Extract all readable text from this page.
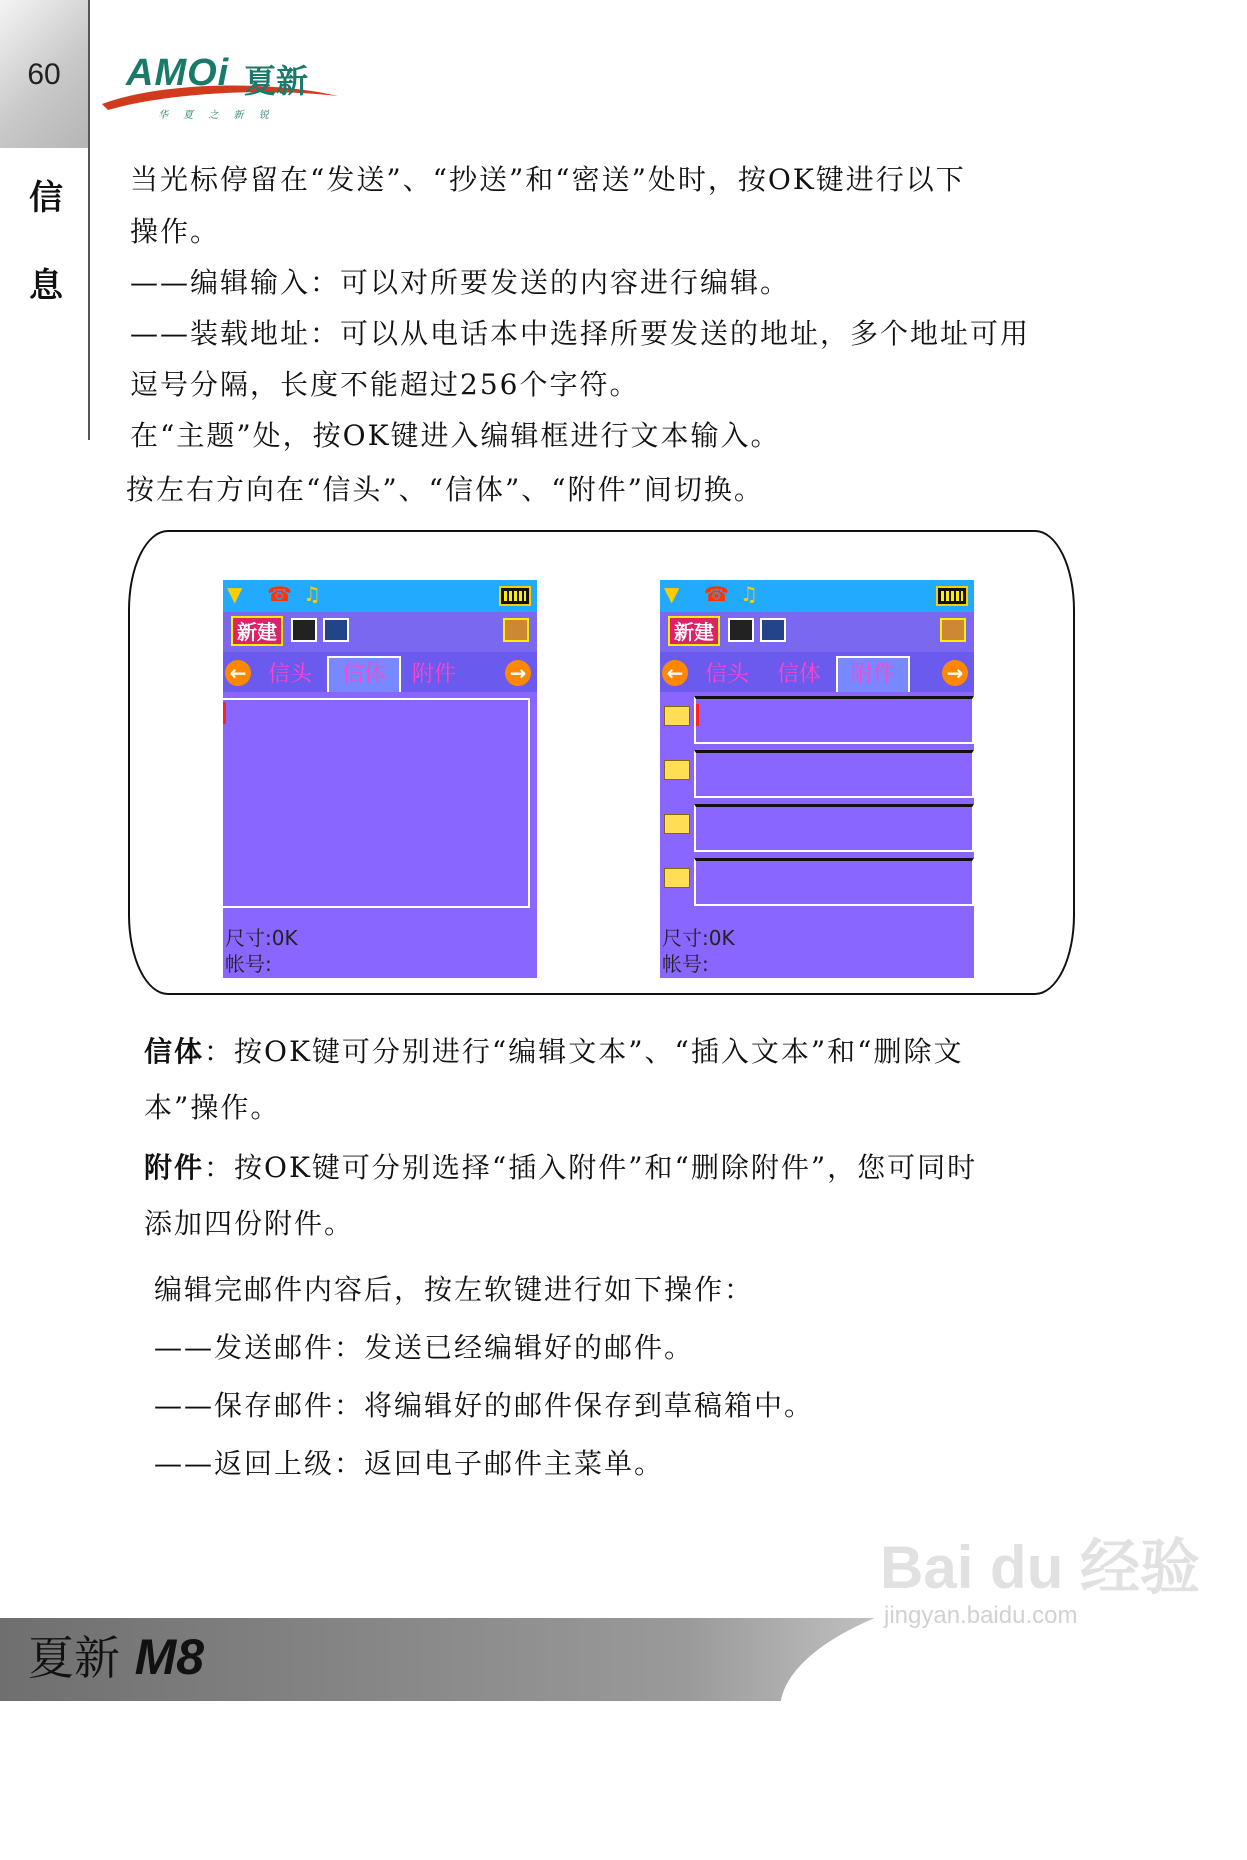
60
信
息
AMOi 夏新
华 夏 之 新 锐
当光标停留在“发送”、“抄送”和“密送”处时，按OK键进行以下
操作。
——编辑输入：可以对所要发送的内容进行编辑。
——装载地址：可以从电话本中选择所要发送的地址，多个地址可用
逗号分隔，长度不能超过256个字符。
在“主题”处，按OK键进入编辑框进行文本输入。
按左右方向在“信头”、“信体”、“附件”间切换。
▼ ☎ ♫
新建
← 信头	信体	附件	→
尺寸:0K
帐号:
▼ ☎ ♫
新建
← 信头	信体	附件	→
尺寸:0K
帐号:
信体：按OK键可分别进行“编辑文本”、“插入文本”和“删除文
本”操作。
附件：按OK键可分别选择“插入附件”和“删除附件”，您可同时
添加四份附件。
编辑完邮件内容后，按左软键进行如下操作：
——发送邮件：发送已经编辑好的邮件。
——保存邮件：将编辑好的邮件保存到草稿箱中。
——返回上级：返回电子邮件主菜单。
夏新 M8
Bai du 经验
jingyan.baidu.com
